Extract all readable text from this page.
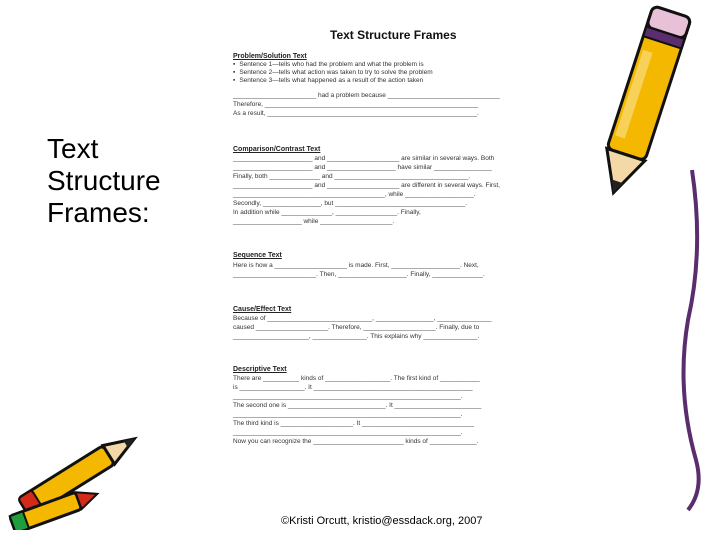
Text
Structure
Frames:
Text Structure Frames
Problem/Solution Text
▪ Sentence 1—tells who had the problem and what the problem is
▪ Sentence 2—tells what action was taken to try to solve the problem
▪ Sentence 3—tells what happened as a result of the action taken
_______________________ had a problem because _______________________________
Therefore, ___________________________________________________________
As a result, __________________________________________________________.
Comparison/Contrast Text
______________________ and ____________________ are similar in several ways. Both
______________________ and ___________________ have similar ________________
Finally, both ______________ and _____________________________________.
______________________ and ____________________ are different in several ways. First,
__________________________________________, while ___________________.
Secondly, ________________, but ____________________________________.
In addition while ______________, _________________. Finally,
___________________ while ____________________.
Sequence Text
Here is how a ____________________ is made. First, ___________________. Next,
_______________________. Then, ___________________. Finally, ______________.
Cause/Effect Text
Because of _____________________________, ________________, _______________
caused ____________________. Therefore, ____________________. Finally, due to
_____________________, _______________. This explains why _______________.
Descriptive Text
There are __________ kinds of __________________. The first kind of ___________
is __________________. It ____________________________________________
_______________________________________________________________.
The second one is ___________________________. It ________________________
_______________________________________________________________.
The third kind is ____________________. It _______________________________
_______________________________________________________________.
Now you can recognize the _________________________ kinds of _____________.
©Kristi Orcutt, kristio@essdack.org, 2007
